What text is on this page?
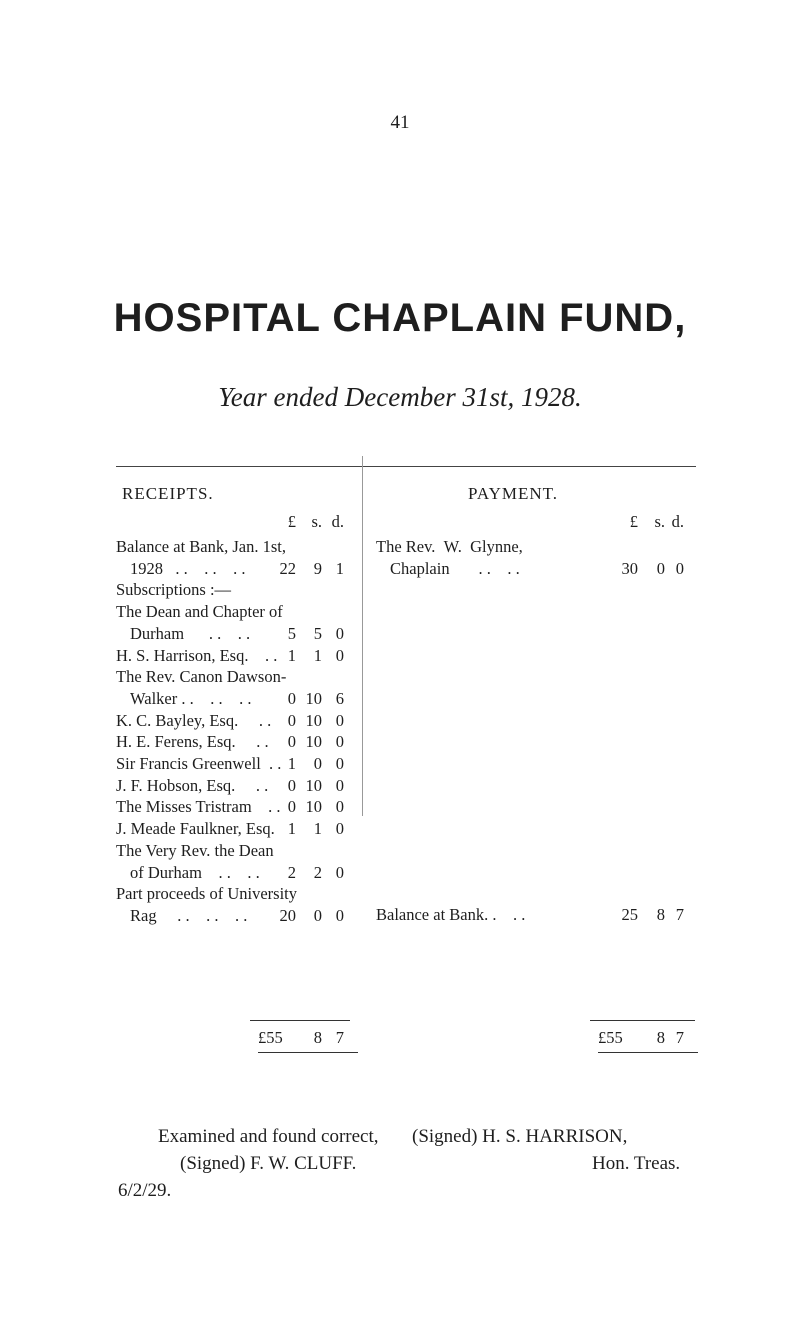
41
HOSPITAL CHAPLAIN FUND,
Year ended December 31st, 1928.
RECEIPTS.
£ s. d.
Balance at Bank, Jan. 1st,
1928   . .    . .    . .	22	9 1
Subscriptions :—
The Dean and Chapter of
Durham      . .    . .	5	5 0
H. S. Harrison, Esq.    . . 1	1 0
The Rev. Canon Dawson-
Walker . .    . .    . .	0 10 6
K. C. Bayley, Esq.     . .	0 10 0
H. E. Ferens, Esq.     . .	0 10 0
Sir Francis Greenwell  . . 1	0 0
J. F. Hobson, Esq.     . .	0 10 0
The Misses Tristram    . . 0 10 0
J. Meade Faulkner, Esq. 1	1 0
The Very Rev. the Dean
of Durham    . .    . .	2	2 0
Part proceeds of University
Rag     . .    . .    . .	20	0 0
£55	8 7
PAYMENT.
£ s. d.
The Rev.  W.  Glynne,
Chaplain       . .    . .	30	0 0
Balance at Bank. .    . .	25	8 7
£55	8 7
Examined and found correct,
(Signed) F. W. CLUFF.
6/2/29.
(Signed) H. S. HARRISON,
Hon. Treas.
